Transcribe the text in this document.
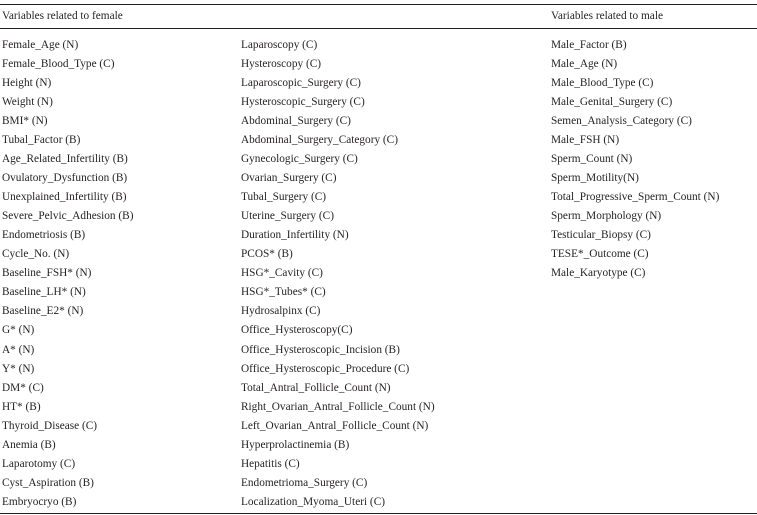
Variables related to female	Variables related to male
Female_Age (N)
Female_Blood_Type (C)
Height (N)
Weight (N)
BMI* (N)
Tubal_Factor (B)
Age_Related_Infertility (B)
Ovulatory_Dysfunction (B)
Unexplained_Infertility (B)
Severe_Pelvic_Adhesion (B)
Endometriosis (B)
Cycle_No. (N)
Baseline_FSH* (N)
Baseline_LH* (N)
Baseline_E2* (N)
G* (N)
A* (N)
Y* (N)
DM* (C)
HT* (B)
Thyroid_Disease (C)
Anemia (B)
Laparotomy (C)
Cyst_Aspiration (B)
Embryocryo (B)
Laparoscopy (C)
Hysteroscopy (C)
Laparoscopic_Surgery (C)
Hysteroscopic_Surgery (C)
Abdominal_Surgery (C)
Abdominal_Surgery_Category (C)
Gynecologic_Surgery (C)
Ovarian_Surgery (C)
Tubal_Surgery (C)
Uterine_Surgery (C)
Duration_Infertility (N)
PCOS* (B)
HSG*_Cavity (C)
HSG*_Tubes* (C)
Hydrosalpinx (C)
Office_Hysteroscopy(C)
Office_Hysteroscopic_Incision (B)
Office_Hysteroscopic_Procedure (C)
Total_Antral_Follicle_Count (N)
Right_Ovarian_Antral_Follicle_Count (N)
Left_Ovarian_Antral_Follicle_Count (N)
Hyperprolactinemia (B)
Hepatitis (C)
Endometrioma_Surgery (C)
Localization_Myoma_Uteri (C)
Male_Factor (B)
Male_Age (N)
Male_Blood_Type (C)
Male_Genital_Surgery (C)
Semen_Analysis_Category (C)
Male_FSH (N)
Sperm_Count (N)
Sperm_Motility(N)
Total_Progressive_Sperm_Count (N)
Sperm_Morphology (N)
Testicular_Biopsy (C)
TESE*_Outcome (C)
Male_Karyotype (C)
